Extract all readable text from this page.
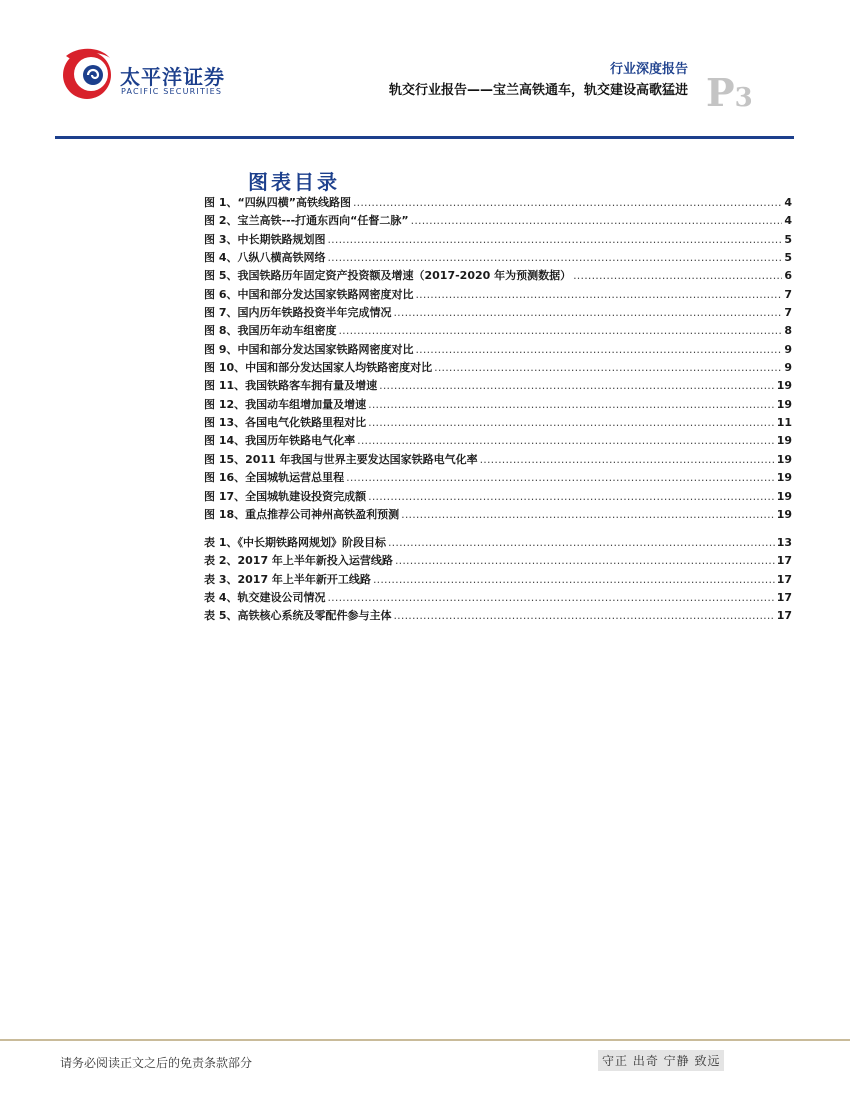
太平洋证券
PACIFIC SECURITIES
行业深度报告
轨交行业报告——宝兰高铁通车，轨交建设高歌猛进 P3
图表目录
图 1、“四纵四横”高铁线路图 .....	4
图 2、宝兰高铁---打通东西向“任督二脉” .....	4
图 3、中长期铁路规划图 .....	5
图 4、八纵八横高铁网络 .....	5
图 5、我国铁路历年固定资产投资额及增速（2017-2020 年为预测数据） .....	6
图 6、中国和部分发达国家铁路网密度对比 .....	7
图 7、国内历年铁路投资半年完成情况 .....	7
图 8、我国历年动车组密度 .....	8
图 9、中国和部分发达国家铁路网密度对比 .....	9
图 10、中国和部分发达国家人均铁路密度对比 .....	9
图 11、我国铁路客车拥有量及增速 .....	19
图 12、我国动车组增加量及增速 .....	19
图 13、各国电气化铁路里程对比 .....	11
图 14、我国历年铁路电气化率 .....	19
图 15、2011 年我国与世界主要发达国家铁路电气化率 .....	19
图 16、全国城轨运营总里程 .....	19
图 17、全国城轨建设投资完成额 .....	19
图 18、重点推荐公司神州高铁盈利预测 .....	19
表 1、《中长期铁路网规划》阶段目标 .....	13
表 2、2017 年上半年新投入运营线路 .....	17
表 3、2017 年上半年新开工线路 .....	17
表 4、轨交建设公司情况 .....	17
表 5、高铁核心系统及零配件参与主体 .....	17
请务必阅读正文之后的免责条款部分	守正 出奇 宁静 致远
